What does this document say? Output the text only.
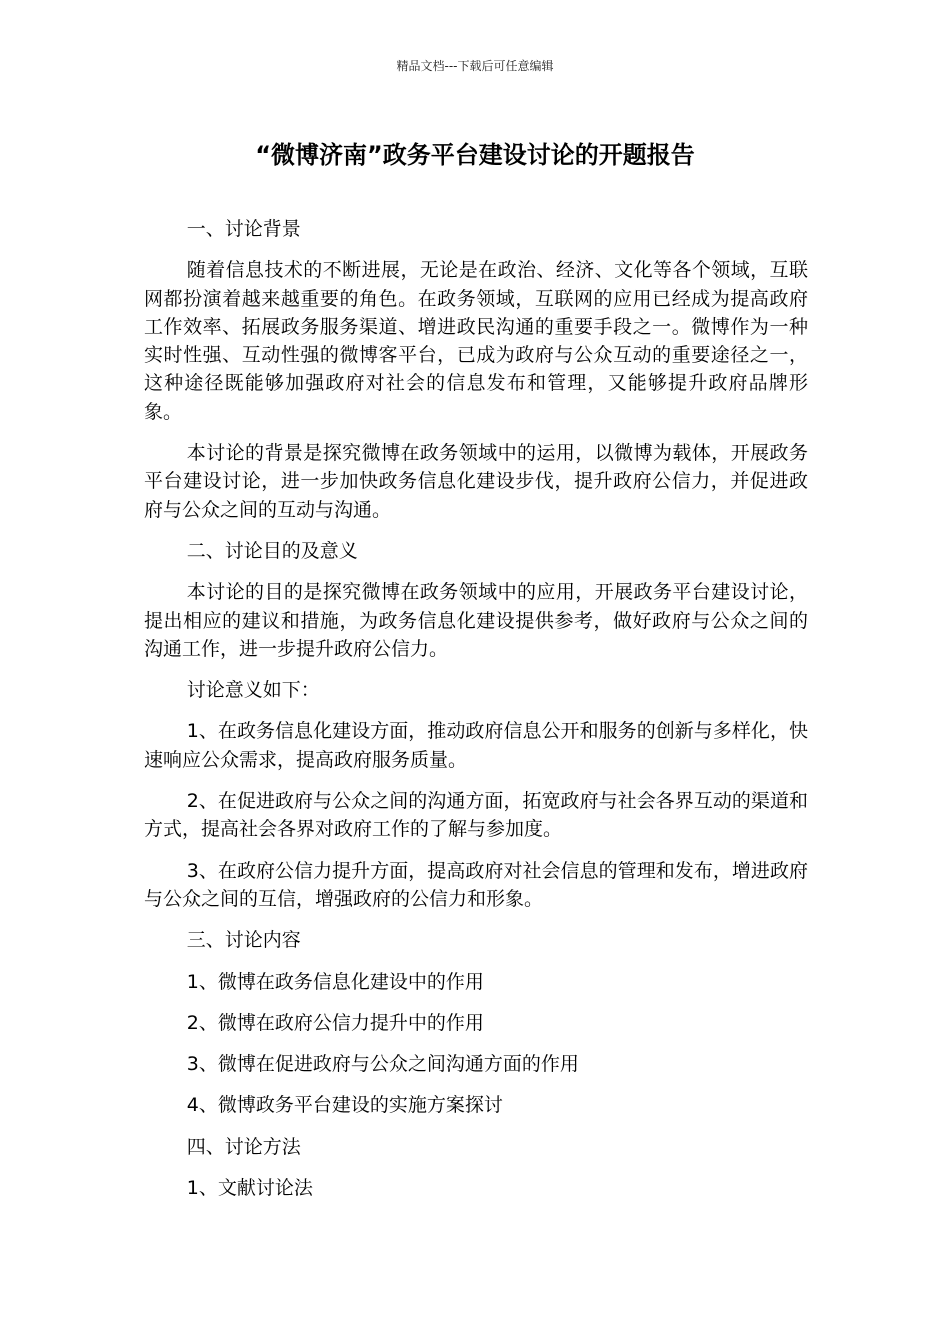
精品文档---下载后可任意编辑
“微博济南”政务平台建设讨论的开题报告

一、讨论背景

随着信息技术的不断进展，无论是在政治、经济、文化等各个领域，互联网都扮演着越来越重要的角色。在政务领域，互联网的应用已经成为提高政府工作效率、拓展政务服务渠道、增进政民沟通的重要手段之一。微博作为一种实时性强、互动性强的微博客平台，已成为政府与公众互动的重要途径之一，这种途径既能够加强政府对社会的信息发布和管理，又能够提升政府品牌形象。

本讨论的背景是探究微博在政务领域中的运用，以微博为载体，开展政务平台建设讨论，进一步加快政务信息化建设步伐，提升政府公信力，并促进政府与公众之间的互动与沟通。

二、讨论目的及意义

本讨论的目的是探究微博在政务领域中的应用，开展政务平台建设讨论，提出相应的建议和措施，为政务信息化建设提供参考，做好政府与公众之间的沟通工作，进一步提升政府公信力。

讨论意义如下：

1、在政务信息化建设方面，推动政府信息公开和服务的创新与多样化，快速响应公众需求，提高政府服务质量。

2、在促进政府与公众之间的沟通方面，拓宽政府与社会各界互动的渠道和方式，提高社会各界对政府工作的了解与参加度。

3、在政府公信力提升方面，提高政府对社会信息的管理和发布，增进政府与公众之间的互信，增强政府的公信力和形象。

三、讨论内容

1、微博在政务信息化建设中的作用

2、微博在政府公信力提升中的作用

3、微博在促进政府与公众之间沟通方面的作用

4、微博政务平台建设的实施方案探讨

四、讨论方法

1、文献讨论法
